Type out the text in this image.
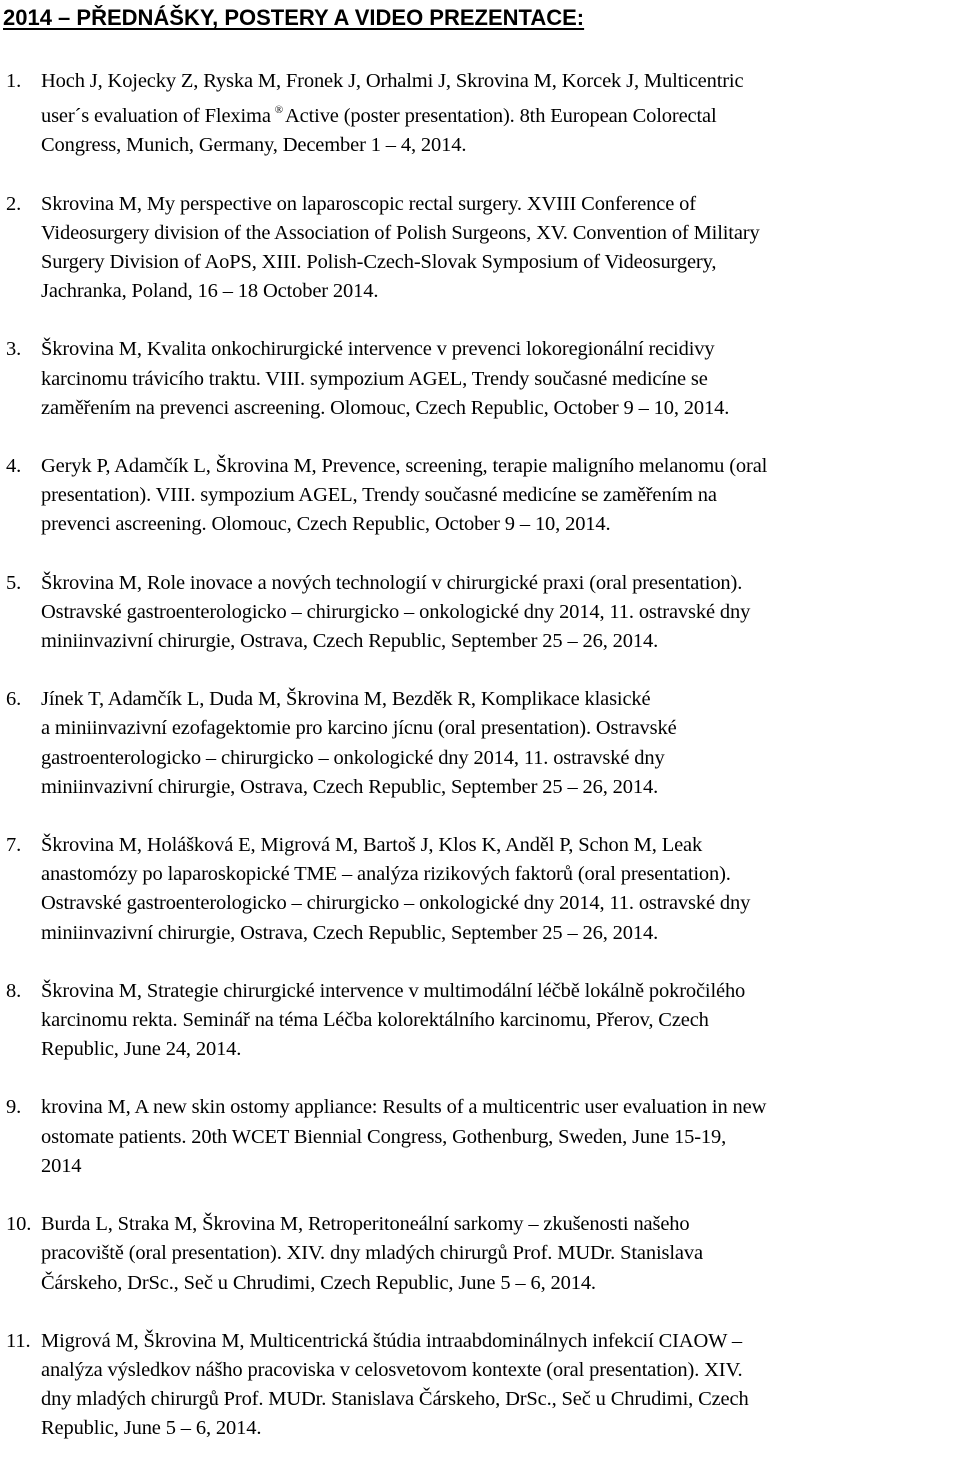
2014 – PŘEDNÁŠKY, POSTERY A VIDEO PREZENTACE:
1. Hoch J, Kojecky Z, Ryska M, Fronek J, Orhalmi J, Skrovina M, Korcek J, Multicentric
user´s evaluation of Flexima ®Active (poster presentation). 8th European Colorectal
Congress, Munich, Germany, December 1 – 4, 2014.
2. Skrovina M, My perspective on laparoscopic rectal surgery. XVIII Conference of
Videosurgery division of the Association of Polish Surgeons, XV. Convention of Military
Surgery Division of AoPS, XIII. Polish-Czech-Slovak Symposium of Videosurgery,
Jachranka, Poland, 16 – 18 October 2014.
3. Škrovina M, Kvalita onkochirurgické intervence v prevenci lokoregionální recidivy
karcinomu trávicího traktu. VIII. sympozium AGEL, Trendy současné medicíne se
zaměřením na prevenci ascreening. Olomouc, Czech Republic, October 9 – 10, 2014.
4. Geryk P, Adamčík L, Škrovina M, Prevence, screening, terapie maligního melanomu (oral
presentation). VIII. sympozium AGEL, Trendy současné medicíne se zaměřením na
prevenci ascreening. Olomouc, Czech Republic, October 9 – 10, 2014.
5. Škrovina M, Role inovace a nových technologií v chirurgické praxi (oral presentation).
Ostravské gastroenterologicko – chirurgicko – onkologické dny 2014, 11. ostravské dny
miniinvazivní chirurgie, Ostrava, Czech Republic, September 25 – 26, 2014.
6. Jínek T, Adamčík L, Duda M, Škrovina M, Bezděk R, Komplikace klasické
a miniinvazivní ezofagektomie pro karcino jícnu (oral presentation). Ostravské
gastroenterologicko – chirurgicko – onkologické dny 2014, 11. ostravské dny
miniinvazivní chirurgie, Ostrava, Czech Republic, September 25 – 26, 2014.
7. Škrovina M, Holášková E, Migrová M, Bartoš J, Klos K, Anděl P, Schon M, Leak
anastomózy po laparoskopické TME – analýza rizikových faktorů (oral presentation).
Ostravské gastroenterologicko – chirurgicko – onkologické dny 2014, 11. ostravské dny
miniinvazivní chirurgie, Ostrava, Czech Republic, September 25 – 26, 2014.
8. Škrovina M, Strategie chirurgické intervence v multimodální léčbě lokálně pokročilého
karcinomu rekta. Seminář na téma Léčba kolorektálního karcinomu, Přerov, Czech
Republic, June 24, 2014.
9. krovina M, A new skin ostomy appliance: Results of a multicentric user evaluation in new
ostomate patients. 20th WCET Biennial Congress, Gothenburg, Sweden, June 15-19,
2014
10. Burda L, Straka M, Škrovina M, Retroperitoneální sarkomy – zkušenosti našeho
pracoviště (oral presentation). XIV. dny mladých chirurgů Prof. MUDr. Stanislava
Čárskeho, DrSc., Seč u Chrudimi, Czech Republic, June 5 – 6, 2014.
11. Migrová M, Škrovina M, Multicentrická štúdia intraabdominálnych infekcií CIAOW –
analýza výsledkov nášho pracoviska v celosvetovom kontexte (oral presentation). XIV.
dny mladých chirurgů Prof. MUDr. Stanislava Čárskeho, DrSc., Seč u Chrudimi, Czech
Republic, June 5 – 6, 2014.
